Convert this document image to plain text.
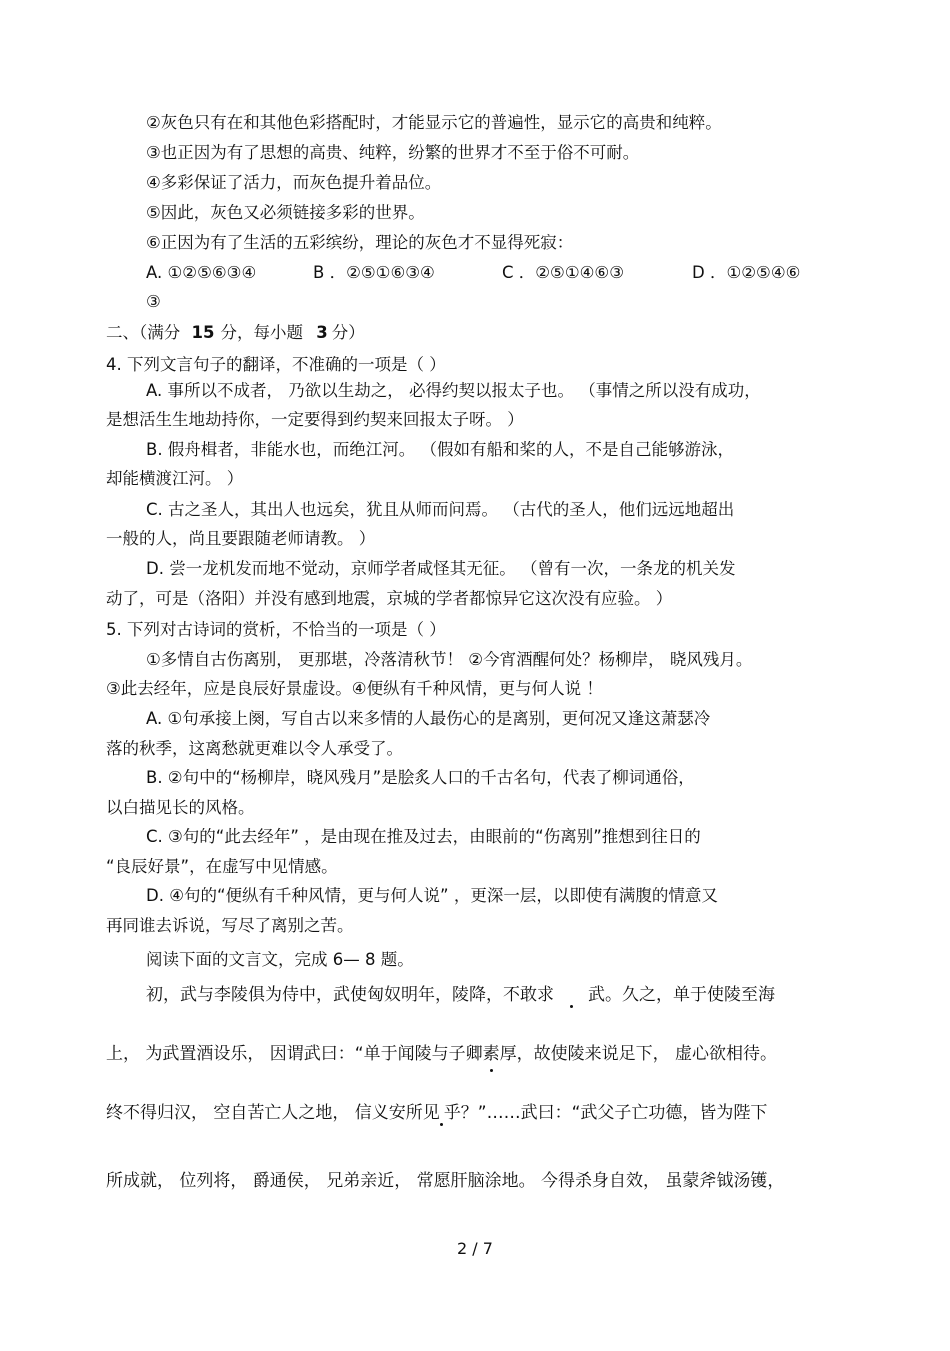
②灰色只有在和其他色彩搭配时，才能显示它的普遍性，显示它的高贵和纯粹。
③也正因为有了思想的高贵、纯粹，纷繁的世界才不至于俗不可耐。
④多彩保证了活力，而灰色提升着品位。
⑤因此，灰色又必须链接多彩的世界。
⑥正因为有了生活的五彩缤纷，理论的灰色才不显得死寂：
A. ①②⑤⑥③④	B ．②⑤①⑥③④	C ．②⑤①④⑥③	D ．①②⑤④⑥
③
二、（满分 15 分，每小题 3 分）
4. 下列文言句子的翻译，不准确的一项是（ ）
A. 事所以不成者， 乃欲以生劫之， 必得约契以报太子也。 （事情之所以没有成功，
是想活生生地劫持你，一定要得到约契来回报太子呀。 ）
B. 假舟楫者，非能水也，而绝江河。 （假如有船和桨的人，不是自己能够游泳，
却能横渡江河。 ）
C. 古之圣人，其出人也远矣，犹且从师而问焉。 （古代的圣人，他们远远地超出
一般的人，尚且要跟随老师请教。 ）
D. 尝一龙机发而地不觉动，京师学者咸怪其无征。 （曾有一次，一条龙的机关发
动了，可是（洛阳）并没有感到地震，京城的学者都惊异它这次没有应验。 ）
5. 下列对古诗词的赏析，不恰当的一项是（ ）
①多情自古伤离别， 更那堪，冷落清秋节！ ②今宵酒醒何处？杨柳岸， 晓风残月。
③此去经年，应是良辰好景虚设。④便纵有千种风情，更与何人说 ！
A. ①句承接上阕，写自古以来多情的人最伤心的是离别，更何况又逢这萧瑟冷
落的秋季，这离愁就更难以令人承受了。
B. ②句中的“杨柳岸，晓风残月”是脍炙人口的千古名句，代表了柳词通俗，
以白描见长的风格。
C. ③句的“此去经年” ，是由现在推及过去，由眼前的“伤离别”推想到往日的
“良辰好景”，在虚写中见情感。
D. ④句的“便纵有千种风情，更与何人说” ，更深一层，以即使有满腹的情意又
再同谁去诉说，写尽了离别之苦。
阅读下面的文言文，完成 6— 8 题。
初，武与李陵俱为侍中，武使匈奴明年，陵降，不敢求 武。久之，单于使陵至海
上， 为武置酒设乐， 因谓武曰：“单于闻陵与子卿素厚，故使陵来说足下， 虚心欲相待。
终不得归汉， 空自苦亡人之地， 信义安所见 乎？”……武曰：“武父子亡功德，皆为陛下
所成就， 位列将， 爵通侯， 兄弟亲近， 常愿肝脑涂地。 今得杀身自效， 虽蒙斧钺汤镬，
2 / 7
